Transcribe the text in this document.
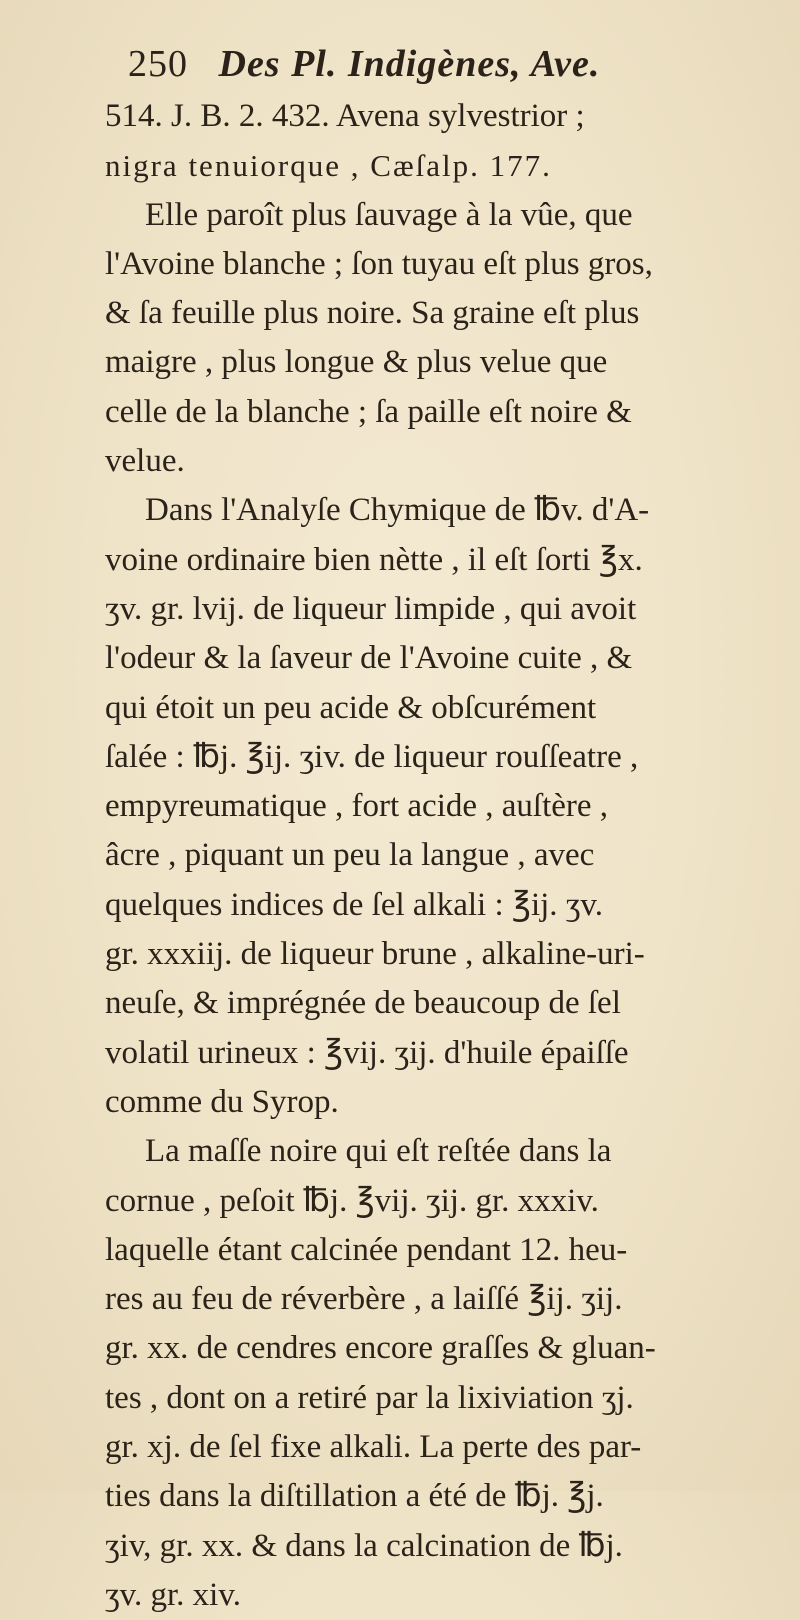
250 Des Pl. Indigènes, Ave.
514. J. B. 2. 432. Avena sylvestrior ;
nigra tenuiorque , Cæſalp. 177.
Elle paroît plus ſauvage à la vûe, que
l'Avoine blanche ; ſon tuyau eſt plus gros,
& ſa feuille plus noire. Sa graine eſt plus
maigre , plus longue & plus velue que
celle de la blanche ; ſa paille eſt noire &
velue.
Dans l'Analyſe Chymique de ℔v. d'A-
voine ordinaire bien nètte , il eſt ſorti ℥x.
ʒv. gr. lvij. de liqueur limpide , qui avoit
l'odeur & la ſaveur de l'Avoine cuite , &
qui étoit un peu acide & obſcurément
ſalée : ℔j. ℥ij. ʒiv. de liqueur rouſſeatre ,
empyreumatique , fort acide , auſtère ,
âcre , piquant un peu la langue , avec
quelques indices de ſel alkali : ℥ij. ʒv.
gr. xxxiij. de liqueur brune , alkaline-uri-
neuſe, & imprégnée de beaucoup de ſel
volatil urineux : ℥vij. ʒij. d'huile épaiſſe
comme du Syrop.
La maſſe noire qui eſt reſtée dans la
cornue , peſoit ℔j. ℥vij. ʒij. gr. xxxiv.
laquelle étant calcinée pendant 12. heu-
res au feu de réverbère , a laiſſé ℥ij. ʒij.
gr. xx. de cendres encore graſſes & gluan-
tes , dont on a retiré par la lixiviation ʒj.
gr. xj. de ſel fixe alkali. La perte des par-
ties dans la diſtillation a été de ℔j. ℥j.
ʒiv, gr. xx. & dans la calcination de ℔j.
ʒv. gr. xiv.
